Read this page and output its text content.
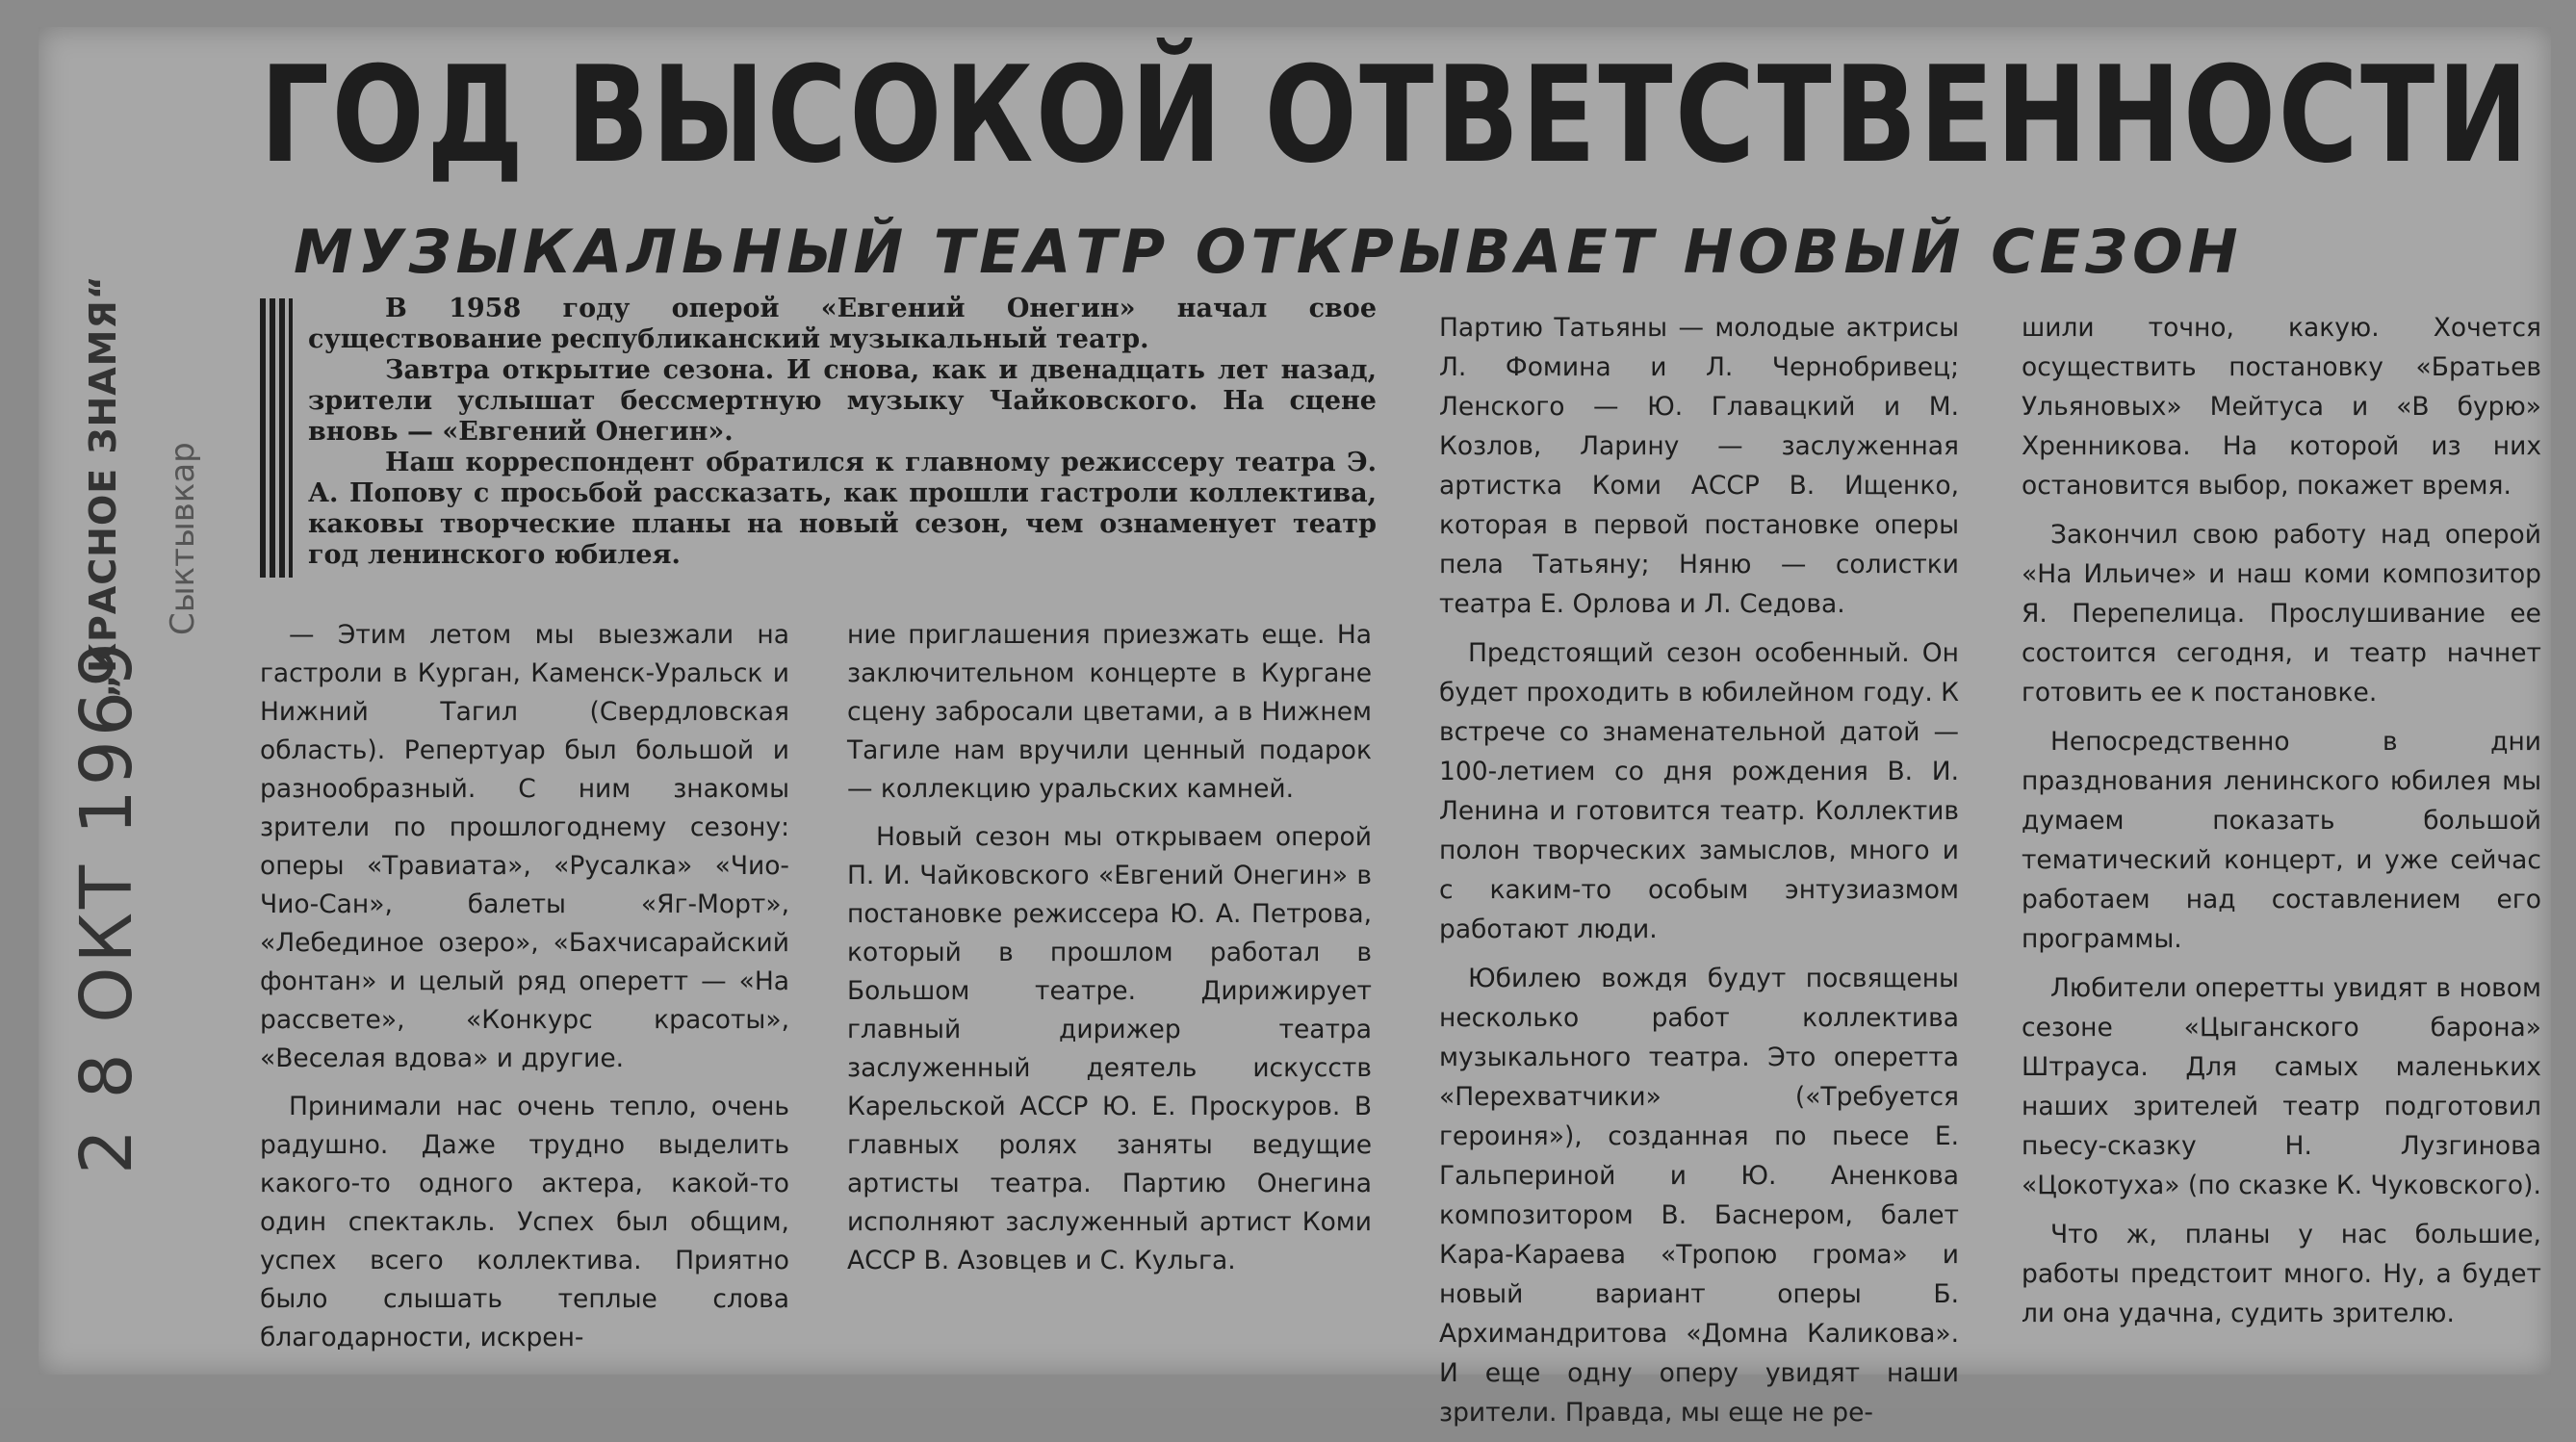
„КРАСНОЕ ЗНАМЯ“ Сыктывкар
2 8 ОКТ 1969
ГОД ВЫСОКОЙ ОТВЕТСТВЕННОСТИ
МУЗЫКАЛЬНЫЙ ТЕАТР ОТКРЫВАЕТ НОВЫЙ СЕЗОН

В 1958 году оперой «Евгений Онегин» начал свое существование республиканский музыкальный театр.

Завтра открытие сезона. И снова, как и двенадцать лет назад, зрители услышат бессмертную музыку Чайковского. На сцене вновь — «Евгений Онегин».

Наш корреспондент обратился к главному режиссеру театра Э. А. Попову с просьбой рассказать, как прошли гастроли коллектива, каковы творческие планы на новый сезон, чем ознаменует театр год ленинского юбилея.

— Этим летом мы выезжали на гастроли в Курган, Каменск-Уральск и Нижний Тагил (Свердловская область). Репертуар был большой и разнообразный. С ним знакомы зрители по прошлогоднему сезону: оперы «Травиата», «Русалка» «Чио-Чио-Сан», балеты «Яг-Морт», «Лебединое озеро», «Бахчисарайский фонтан» и целый ряд оперетт — «На рассвете», «Конкурс красоты», «Веселая вдова» и другие.

Принимали нас очень тепло, очень радушно. Даже трудно выделить какого-то одного актера, какой-то один спектакль. Успех был общим, успех всего коллектива. Приятно было слышать теплые слова благодарности, искрен-

ние приглашения приезжать еще. На заключительном концерте в Кургане сцену забросали цветами, а в Нижнем Тагиле нам вручили ценный подарок — коллекцию уральских камней.

Новый сезон мы открываем оперой П. И. Чайковского «Евгений Онегин» в постановке режиссера Ю. А. Петрова, который в прошлом работал в Большом театре. Дирижирует главный дирижер театра заслуженный деятель искусств Карельской АССР Ю. Е. Проскуров. В главных ролях заняты ведущие артисты театра. Партию Онегина исполняют заслуженный артист Коми АССР В. Азовцев и С. Кульга.

Партию Татьяны — молодые актрисы Л. Фомина и Л. Чернобривец; Ленского — Ю. Главацкий и М. Козлов, Ларину — заслуженная артистка Коми АССР В. Ищенко, которая в первой постановке оперы пела Татьяну; Няню — солистки театра Е. Орлова и Л. Седова.

Предстоящий сезон особенный. Он будет проходить в юбилейном году. К встрече со знаменательной датой — 100-летием со дня рождения В. И. Ленина и готовится театр. Коллектив полон творческих замыслов, много и с каким-то особым энтузиазмом работают люди.

Юбилею вождя будут посвящены несколько работ коллектива музыкального театра. Это оперетта «Перехватчики» («Требуется героиня»), созданная по пьесе Е. Гальпериной и Ю. Аненкова композитором В. Баснером, балет Кара-Караева «Тропою грома» и новый вариант оперы Б. Архимандритова «Домна Каликова». И еще одну оперу увидят наши зрители. Правда, мы еще не ре-

шили точно, какую. Хочется осуществить постановку «Братьев Ульяновых» Мейтуса и «В бурю» Хренникова. На которой из них остановится выбор, покажет время.

Закончил свою работу над оперой «На Ильиче» и наш коми композитор Я. Перепелица. Прослушивание ее состоится сегодня, и театр начнет готовить ее к постановке.

Непосредственно в дни празднования ленинского юбилея мы думаем показать большой тематический концерт, и уже сейчас работаем над составлением его программы.

Любители оперетты увидят в новом сезоне «Цыганского барона» Штрауса. Для самых маленьких наших зрителей театр подготовил пьесу-сказку Н. Лузгинова «Цокотуха» (по сказке К. Чуковского).

Что ж, планы у нас большие, работы предстоит много. Ну, а будет ли она удачна, судить зрителю.
